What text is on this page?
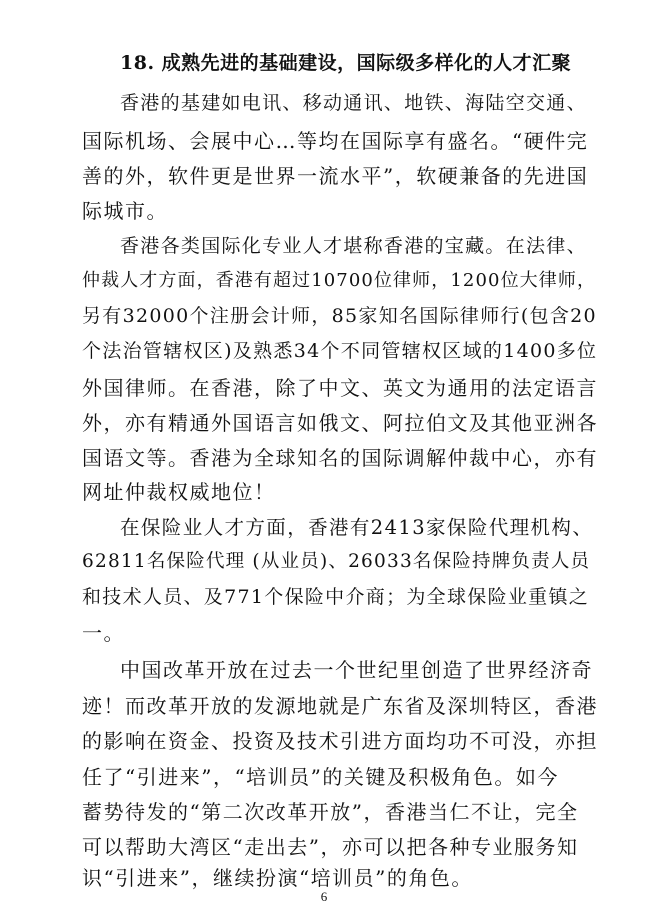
18. 成熟先进的基础建设，国际级多样化的人才汇聚
香港的基建如电讯、移动通讯、地铁、海陆空交通、
国际机场、会展中心…等均在国际享有盛名。“硬件完
善的外，软件更是世界一流水平”，软硬兼备的先进国
际城市。
香港各类国际化专业人才堪称香港的宝藏。在法律、
仲裁人才方面，香港有超过10700位律师，1200位大律师，
另有32000个注册会计师，85家知名国际律师行(包含20
个法治管辖权区)及熟悉34个不同管辖权区域的1400多位
外国律师。在香港，除了中文、英文为通用的法定语言
外，亦有精通外国语言如俄文、阿拉伯文及其他亚洲各
国语文等。香港为全球知名的国际调解仲裁中心，亦有
网址仲裁权威地位！
在保险业人才方面，香港有2413家保险代理机构、
62811名保险代理 (从业员)、26033名保险持牌负责人员
和技术人员、及771个保险中介商；为全球保险业重镇之
一。
中国改革开放在过去一个世纪里创造了世界经济奇
迹！而改革开放的发源地就是广东省及深圳特区，香港
的影响在资金、投资及技术引进方面均功不可没，亦担
任了“引进来”，“培训员”的关键及积极角色。如今
蓄势待发的“第二次改革开放”，香港当仁不让，完全
可以帮助大湾区“走出去”，亦可以把各种专业服务知
识“引进来”，继续扮演“培训员”的角色。
6
